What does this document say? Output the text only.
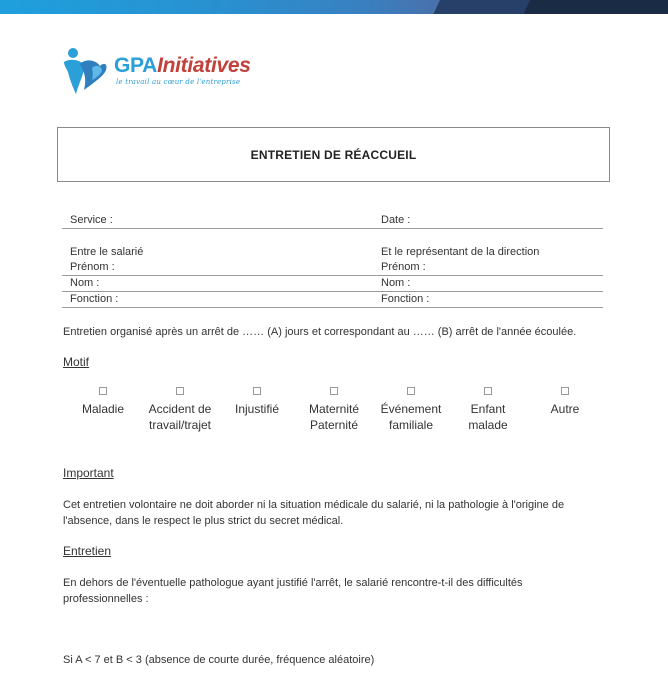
GPAInitiatives
le travail au cœur de l'entreprise
ENTRETIEN DE RÉACCUEIL
Service :	Date :
Entre le salarié	Et le représentant de la direction
Prénom :	Prénom :
Nom :	Nom :
Fonction :	Fonction :
Entretien organisé après un arrêt de …… (A) jours et correspondant au …… (B) arrêt de l'année écoulée.
Motif
Maladie	Accident de
travail/trajet
Injustifié	Maternité
Paternité
Événement
familiale
Enfant
malade
Autre
Important
Cet entretien volontaire ne doit aborder ni la situation médicale du salarié, ni la pathologie à l'origine de l'absence, dans le respect le plus strict du secret médical.
Entretien
En dehors de l'éventuelle pathologue ayant justifié l'arrêt, le salarié rencontre-t-il des difficultés professionnelles :
Si A < 7 et B < 3 (absence de courte durée, fréquence aléatoire)
